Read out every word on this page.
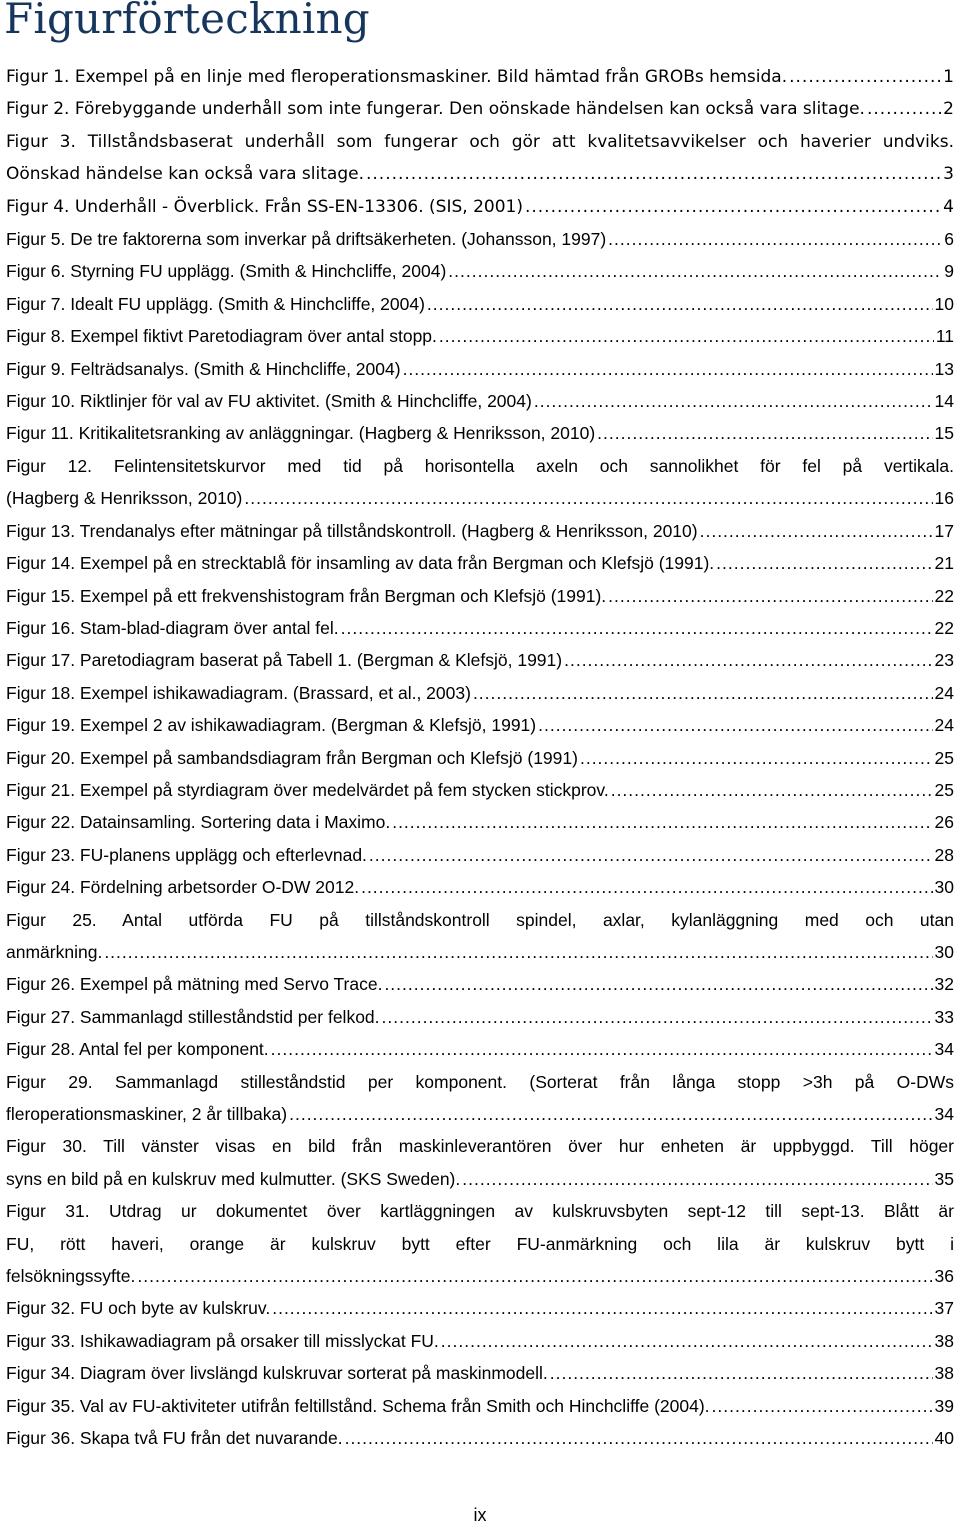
Figurförteckning
Figur 1. Exempel på en linje med fleroperationsmaskiner. Bild hämtad från GROBs hemsida. .....	1
Figur 2. Förebyggande underhåll som inte fungerar. Den oönskade händelsen kan också vara slitage. .....	2
Figur 3. Tillståndsbaserat underhåll som fungerar och gör att kvalitetsavvikelser och haverier undviks.
Oönskad händelse kan också vara slitage. .....	3
Figur 4. Underhåll - Överblick. Från SS-EN-13306. (SIS, 2001) .....	4
Figur 5. De tre faktorerna som inverkar på driftsäkerheten. (Johansson, 1997) .....	6
Figur 6. Styrning FU upplägg. (Smith & Hinchcliffe, 2004) .....	9
Figur 7. Idealt FU upplägg. (Smith & Hinchcliffe, 2004) .....	10
Figur 8. Exempel fiktivt Paretodiagram över antal stopp. .....	11
Figur 9. Felträdsanalys. (Smith & Hinchcliffe, 2004) .....	13
Figur 10. Riktlinjer för val av FU aktivitet. (Smith & Hinchcliffe, 2004) .....	14
Figur 11. Kritikalitetsranking av anläggningar. (Hagberg & Henriksson, 2010) .....	15
Figur 12. Felintensitetskurvor med tid på horisontella axeln och sannolikhet för fel på vertikala.
(Hagberg & Henriksson, 2010) .....	16
Figur 13. Trendanalys efter mätningar på tillståndskontroll. (Hagberg & Henriksson, 2010) .....	17
Figur 14. Exempel på en strecktablå för insamling av data från Bergman och Klefsjö (1991). .....	21
Figur 15. Exempel på ett frekvenshistogram från Bergman och Klefsjö (1991). .....	22
Figur 16. Stam-blad-diagram över antal fel. .....	22
Figur 17. Paretodiagram baserat på Tabell 1. (Bergman & Klefsjö, 1991) .....	23
Figur 18. Exempel ishikawadiagram. (Brassard, et al., 2003) .....	24
Figur 19. Exempel 2 av ishikawadiagram. (Bergman & Klefsjö, 1991) .....	24
Figur 20. Exempel på sambandsdiagram från Bergman och Klefsjö (1991) .....	25
Figur 21. Exempel på styrdiagram över medelvärdet på fem stycken stickprov. .....	25
Figur 22. Datainsamling. Sortering data i Maximo. .....	26
Figur 23. FU-planens upplägg och efterlevnad. .....	28
Figur 24. Fördelning arbetsorder O-DW 2012. .....	30
Figur 25. Antal utförda FU på tillståndskontroll spindel, axlar, kylanläggning med och utan
anmärkning. .....	30
Figur 26. Exempel på mätning med Servo Trace. .....	32
Figur 27. Sammanlagd stilleståndstid per felkod. .....	33
Figur 28. Antal fel per komponent. .....	34
Figur 29. Sammanlagd stilleståndstid per komponent. (Sorterat från långa stopp >3h på O-DWs
fleroperationsmaskiner, 2 år tillbaka) .....	34
Figur 30. Till vänster visas en bild från maskinleverantören över hur enheten är uppbyggd. Till höger
syns en bild på en kulskruv med kulmutter. (SKS Sweden). .....	35
Figur 31. Utdrag ur dokumentet över kartläggningen av kulskruvsbyten sept-12 till sept-13. Blått är
FU, rött haveri, orange är kulskruv bytt efter FU-anmärkning och lila är kulskruv bytt i
felsökningssyfte. .....	36
Figur 32. FU och byte av kulskruv. .....	37
Figur 33. Ishikawadiagram på orsaker till misslyckat FU. .....	38
Figur 34. Diagram över livslängd kulskruvar sorterat på maskinmodell. .....	38
Figur 35. Val av FU-aktiviteter utifrån feltillstånd. Schema från Smith och Hinchcliffe (2004). .....	39
Figur 36. Skapa två FU från det nuvarande. .....	40
ix
